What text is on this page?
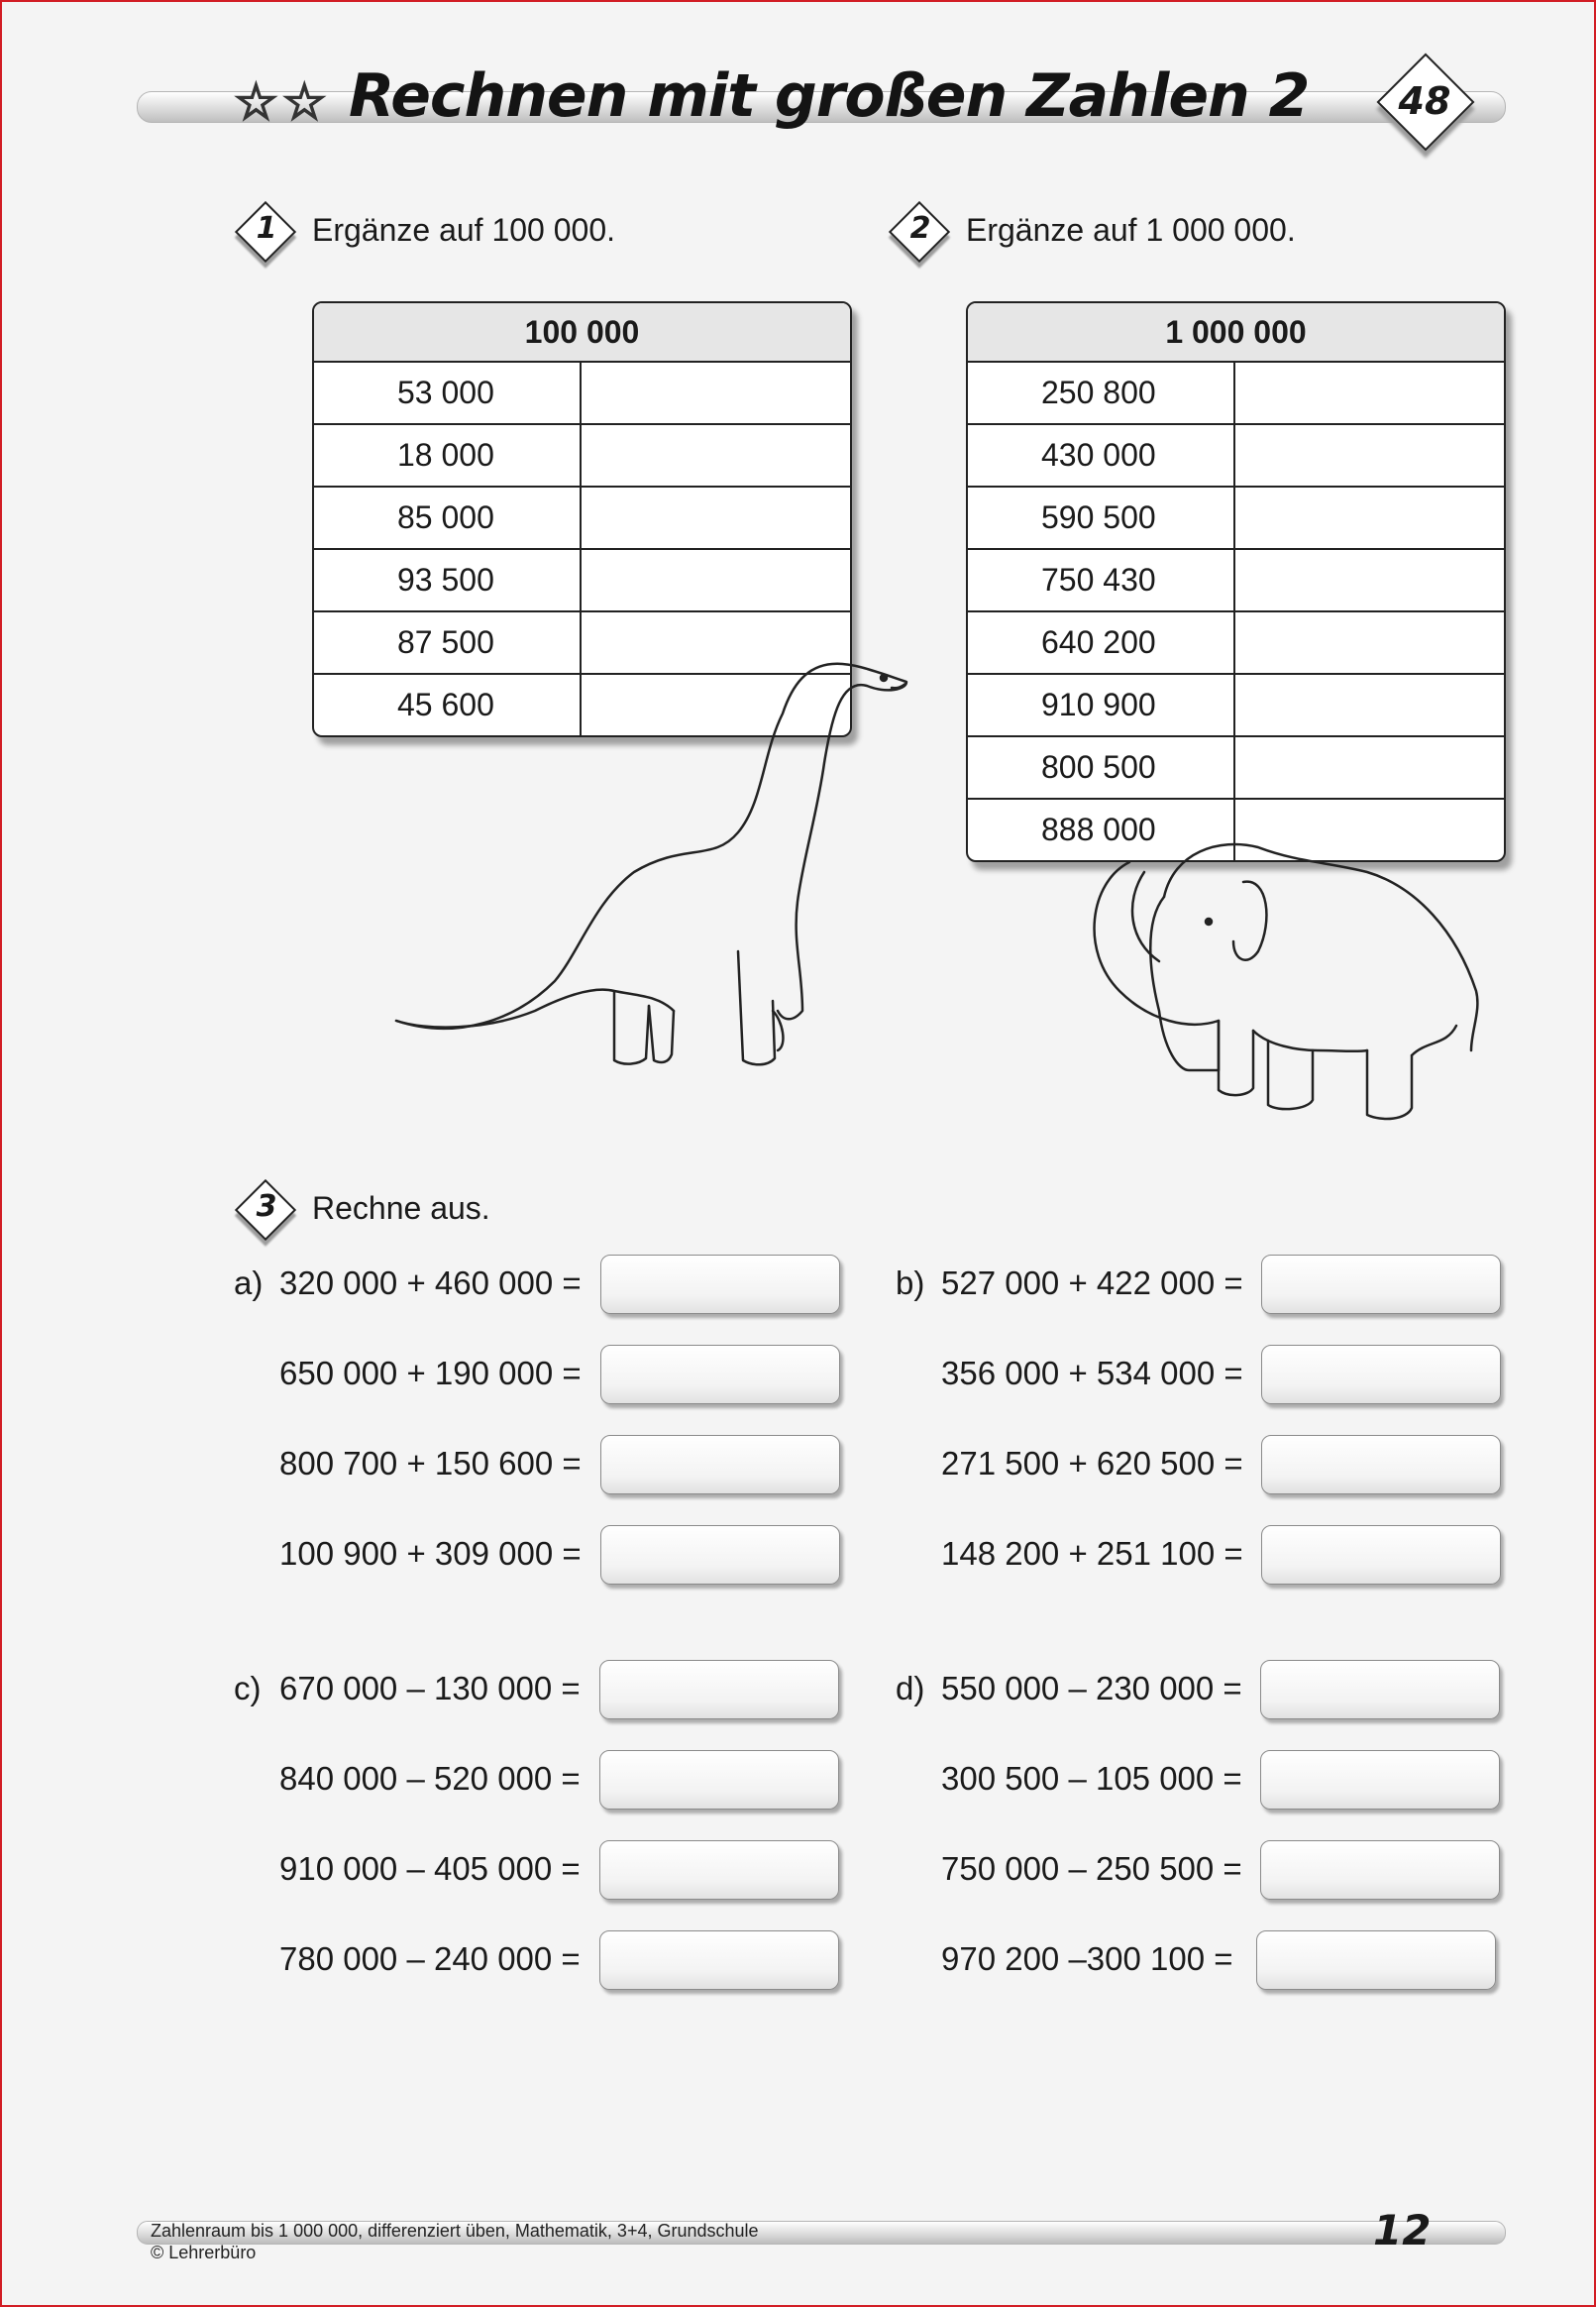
☆☆ Rechnen mit großen Zahlen 2	48
1	Ergänze auf 100 000.
100 000
53 000
18 000
85 000
93 500
87 500
45 600
2	Ergänze auf 1 000 000.
1 000 000
250 800
430 000
590 500
750 430
640 200
910 900
800 500
888 000
3	Rechne aus.
a) 320 000 + 460 000 =
650 000 + 190 000 =
800 700 + 150 600 =
100 900 + 309 000 =
b) 527 000 + 422 000 =
356 000 + 534 000 =
271 500 + 620 500 =
148 200 + 251 100 =
c) 670 000 – 130 000 =
840 000 – 520 000 =
910 000 – 405 000 =
780 000 – 240 000 =
d) 550 000 – 230 000 =
300 500 – 105 000 =
750 000 – 250 500 =
970 200 –300 100 =
Zahlenraum bis 1 000 000, differenziert üben, Mathematik, 3+4, Grundschule
© Lehrerbüro	12
